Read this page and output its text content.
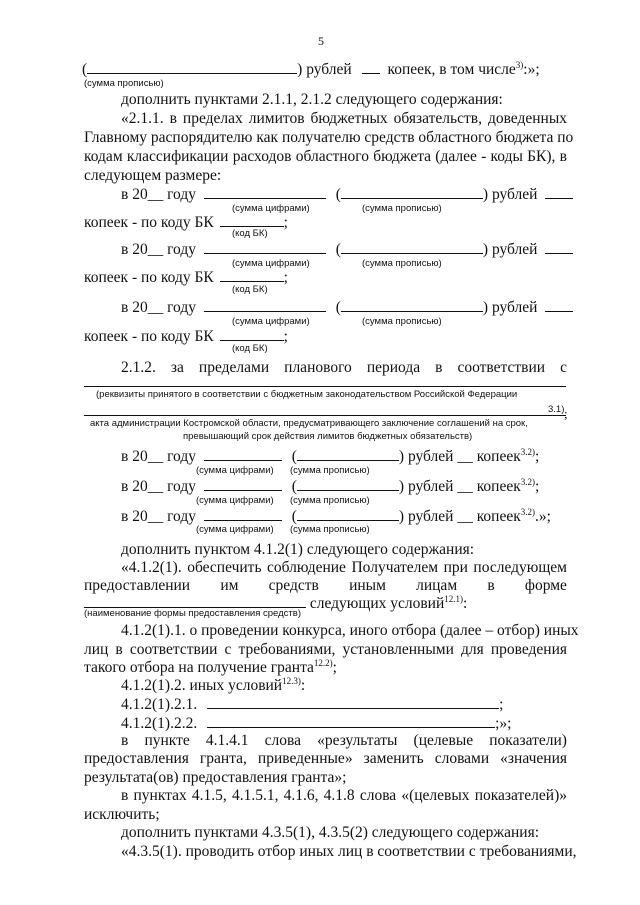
5
(	) рублей копеек, в том числе$^{3)}$:»;
(сумма прописью)
дополнить пунктами 2.1.1, 2.1.2 следующего содержания:
«2.1.1. в пределах лимитов бюджетных обязательств, доведенных
Главному распорядителю как получателю средств областного бюджета по
кодам классификации расходов областного бюджета (далее - коды БК), в
следующем размере:
в 20__ году	(	) рублей
(сумма цифрами)	(сумма прописью)
копеек - по коду БК	;
(код БК)
в 20__ году	(	) рублей
(сумма цифрами)	(сумма прописью)
копеек - по коду БК	;
(код БК)
в 20__ году	(	) рублей
(сумма цифрами)	(сумма прописью)
копеек - по коду БК	;
(код БК)
2.1.2. за пределами планового периода в соответствии с
(реквизиты принятого в соответствии с бюджетным законодательством Российской Федерации
3.1) ;
акта администрации Костромской области, предусматривающего заключение соглашений на срок,
превышающий срок действия лимитов бюджетных обязательств)
в 20__ году	(	) рублей __ копеек$^{3.2)}$;
(сумма цифрами) (сумма прописью)
в 20__ году	(	) рублей __ копеек$^{3.2)}$;
(сумма цифрами) (сумма прописью)
в 20__ году	(	) рублей __ копеек$^{3.2)}$.»;
(сумма цифрами) (сумма прописью)
дополнить пунктом 4.1.2(1) следующего содержания:
«4.1.2(1). обеспечить соблюдение Получателем при последующем
предоставлении им средств иным лицам в форме
следующих условий$^{12.1)}$:
(наименование формы предоставления средств)
4.1.2(1).1. о проведении конкурса, иного отбора (далее – отбор) иных
лиц в соответствии с требованиями, установленными для проведения
такого отбора на получение гранта$^{12.2)}$;
4.1.2(1).2. иных условий$^{12.3)}$:
4.1.2(1).2.1.	;
4.1.2(1).2.2.	;»;
в пункте 4.1.4.1 слова «результаты (целевые показатели)
предоставления гранта, приведенные» заменить словами «значения
результата(ов) предоставления гранта»;
в пунктах 4.1.5, 4.1.5.1, 4.1.6, 4.1.8 слова «(целевых показателей)»
исключить;
дополнить пунктами 4.3.5(1), 4.3.5(2) следующего содержания:
«4.3.5(1). проводить отбор иных лиц в соответствии с требованиями,
